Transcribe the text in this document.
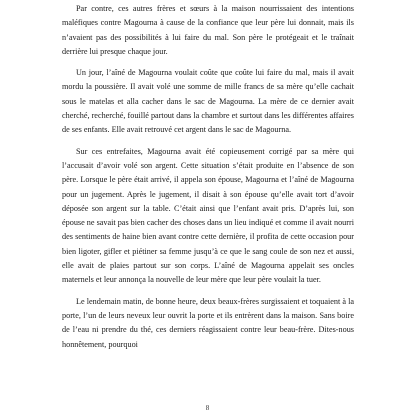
Par contre, ces autres frères et sœurs à la maison nourrissaient des intentions maléfiques contre Magourna à cause de la confiance que leur père lui donnait, mais ils n’avaient pas des possibilités à lui faire du mal. Son père le protégeait et le traînait derrière lui presque chaque jour.

Un jour, l’aîné de Magourna voulait coûte que coûte lui faire du mal, mais il avait mordu la poussière. Il avait volé une somme de mille francs de sa mère qu’elle cachait sous le matelas et alla cacher dans le sac de Magourna. La mère de ce dernier avait cherché, recherché, fouillé partout dans la chambre et surtout dans les différentes affaires de ses enfants. Elle avait retrouvé cet argent dans le sac de Magourna.

Sur ces entrefaites, Magourna avait été copieusement corrigé par sa mère qui l’accusait d’avoir volé son argent. Cette situation s’était produite en l’absence de son père. Lorsque le père était arrivé, il appela son épouse, Magourna et l’aîné de Magourna pour un jugement. Après le jugement, il disait à son épouse qu’elle avait tort d’avoir déposée son argent sur la table. C’était ainsi que l’enfant avait pris. D’après lui, son épouse ne savait pas bien cacher des choses dans un lieu indiqué et comme il avait nourri des sentiments de haine bien avant contre cette dernière, il profita de cette occasion pour bien ligoter, gifler et piétiner sa femme jusqu’à ce que le sang coule de son nez et aussi, elle avait de plaies partout sur son corps. L’aîné de Magourna appelait ses oncles maternels et leur annonça la nouvelle de leur mère que leur père voulait la tuer.

Le lendemain matin, de bonne heure, deux beaux-frères surgissaient et toquaient à la porte, l’un de leurs neveux leur ouvrit la porte et ils entrèrent dans la maison. Sans boire de l’eau ni prendre du thé, ces derniers réagissaient contre leur beau-frère. Dites-nous honnêtement, pourquoi

8
